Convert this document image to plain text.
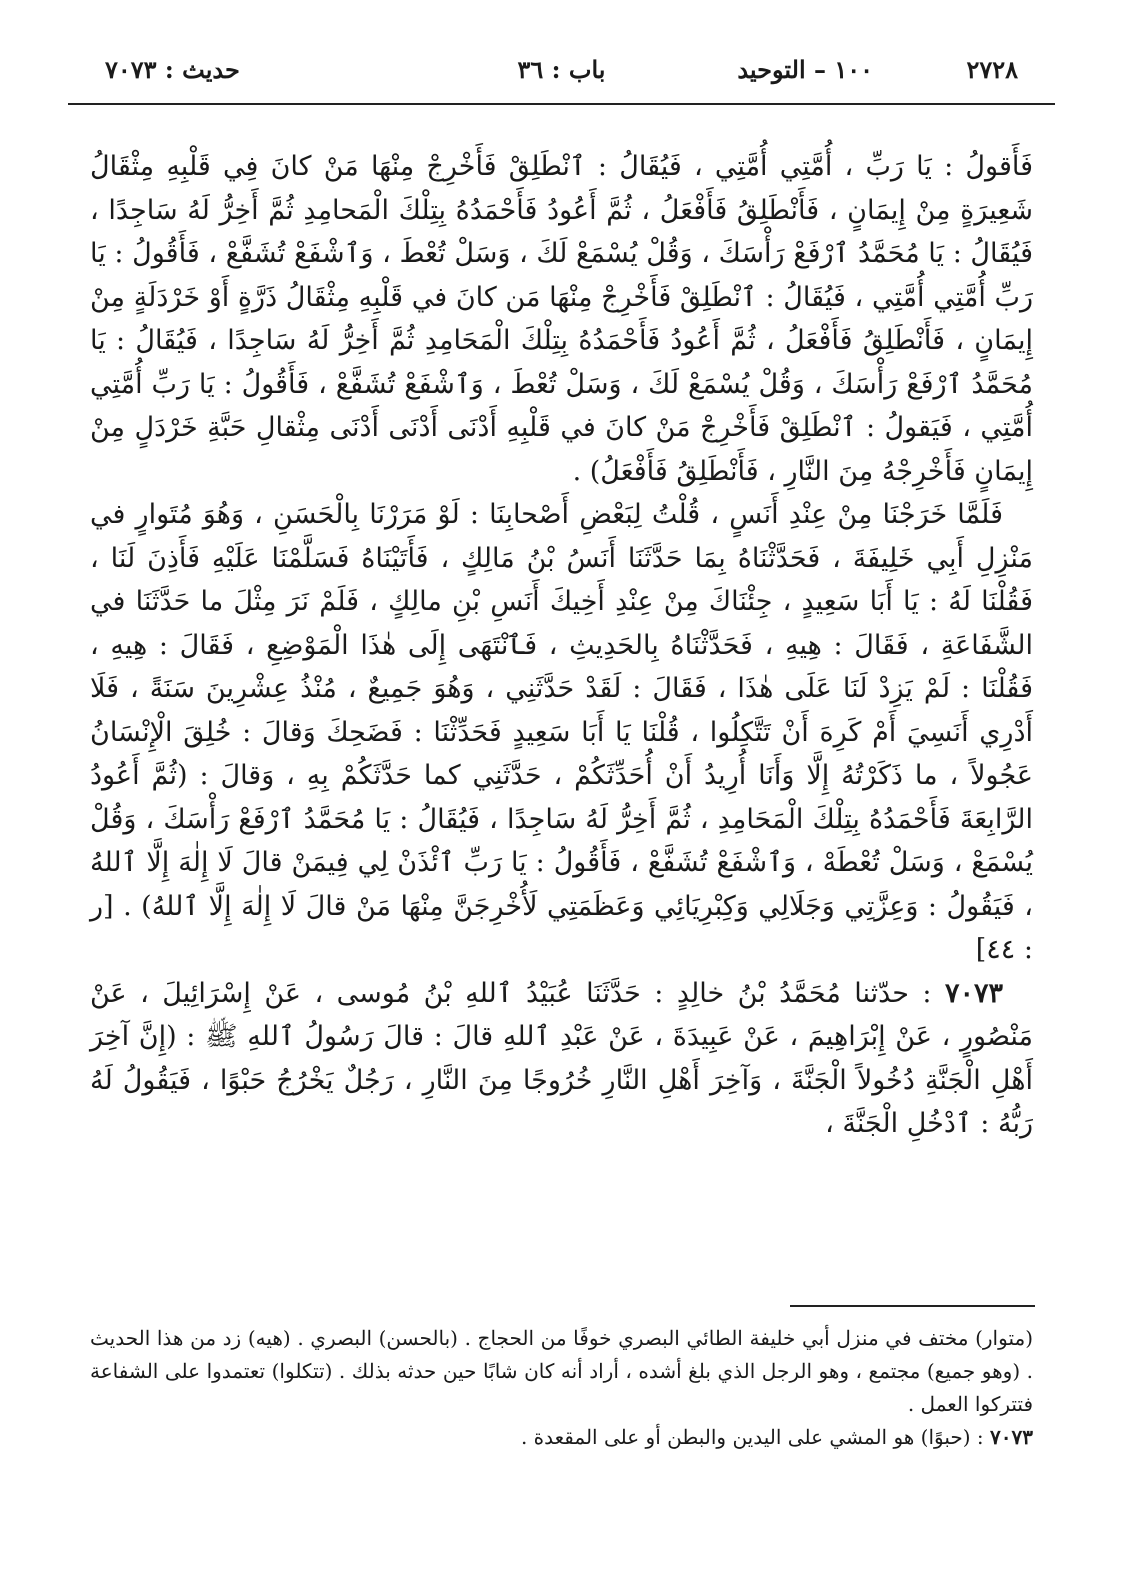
٢٧٢٨
١٠٠ – التوحيد
باب : ٣٦
حديث : ٧٠٧٣

فَأَقولُ : يَا رَبِّ ، أُمَّتِي أُمَّتِي ، فَيُقَالُ : ٱنْطَلِقْ فَأَخْرِجْ مِنْهَا مَنْ كانَ فِي قَلْبِهِ مِثْقَالُ شَعِيرَةٍ مِنْ إِيمَانٍ ، فَأَنْطَلِقُ فَأَفْعَلُ ، ثُمَّ أَعُودُ فَأَحْمَدُهُ بِتِلْكَ الْمَحامِدِ ثُمَّ أَخِرُّ لَهُ سَاجِدًا ، فَيُقَالُ : يَا مُحَمَّدُ ٱرْفَعْ رَأْسَكَ ، وَقُلْ يُسْمَعْ لَكَ ، وَسَلْ تُعْطَ ، وَٱشْفَعْ تُشَفَّعْ ، فَأَقُولُ : يَا رَبِّ أُمَّتِي أُمَّتِي ، فَيُقَالُ : ٱنْطَلِقْ فَأَخْرِجْ مِنْهَا مَن كانَ في قَلْبِهِ مِثْقَالُ ذَرَّةٍ أَوْ خَرْدَلَةٍ مِنْ إِيمَانٍ ، فَأَنْطَلِقُ فَأَفْعَلُ ، ثُمَّ أَعُودُ فَأَحْمَدُهُ بِتِلْكَ الْمَحَامِدِ ثُمَّ أَخِرُّ لَهُ سَاجِدًا ، فَيُقَالُ : يَا مُحَمَّدُ ٱرْفَعْ رَأْسَكَ ، وَقُلْ يُسْمَعْ لَكَ ، وَسَلْ تُعْطَ ، وَٱشْفَعْ تُشَفَّعْ ، فَأَقُولُ : يَا رَبِّ أُمَّتِي أُمَّتِي ، فَيَقولُ : ٱنْطَلِقْ فَأَخْرِجْ مَنْ كانَ في قَلْبِهِ أَدْنَى أَدْنَى أَدْنَى مِثْقالِ حَبَّةِ خَرْدَلٍ مِنْ إِيمَانٍ فَأَخْرِجْهُ مِنَ النَّارِ ، فَأَنْطَلِقُ فَأَفْعَلُ) .

فَلَمَّا خَرَجْنَا مِنْ عِنْدِ أَنَسٍ ، قُلْتُ لِبَعْضِ أَصْحابِنَا : لَوْ مَرَرْنَا بِالْحَسَنِ ، وَهُوَ مُتَوارٍ في مَنْزِلِ أَبِي خَلِيفَةَ ، فَحَدَّثْنَاهُ بِمَا حَدَّثَنَا أَنَسُ بْنُ مَالِكٍ ، فَأَتَيْنَاهُ فَسَلَّمْنَا عَلَيْهِ فَأَذِنَ لَنَا ، فَقُلْنَا لَهُ : يَا أَبَا سَعِيدٍ ، جِئْنَاكَ مِنْ عِنْدِ أَخِيكَ أَنَسِ بْنِ مالِكٍ ، فَلَمْ نَرَ مِثْلَ ما حَدَّثَنَا في الشَّفَاعَةِ ، فَقَالَ : هِيهِ ، فَحَدَّثْنَاهُ بِالحَدِيثِ ، فَٱنْتَهَى إِلَى هٰذَا الْمَوْضِعِ ، فَقَالَ : هِيهِ ، فَقُلْنَا : لَمْ يَزِدْ لَنَا عَلَى هٰذَا ، فَقَالَ : لَقَدْ حَدَّثَنِي ، وَهُوَ جَمِيعٌ ، مُنْذُ عِشْرِينَ سَنَةً ، فَلَا أَدْرِي أَنَسِيَ أَمْ كَرِهَ أَنْ تَتَّكِلُوا ، قُلْنَا يَا أَبَا سَعِيدٍ فَحَدِّثْنَا : فَضَحِكَ وَقالَ : خُلِقَ الْإِنْسَانُ عَجُولاً ، ما ذَكَرْتُهُ إِلَّا وَأَنَا أُرِيدُ أَنْ أُحَدِّثَكُمْ ، حَدَّثَنِي كما حَدَّثَكُمْ بِهِ ، وَقالَ : (ثُمَّ أَعُودُ الرَّابِعَةَ فَأَحْمَدُهُ بِتِلْكَ الْمَحَامِدِ ، ثُمَّ أَخِرُّ لَهُ سَاجِدًا ، فَيُقَالُ : يَا مُحَمَّدُ ٱرْفَعْ رَأْسَكَ ، وَقُلْ يُسْمَعْ ، وَسَلْ تُعْطَهْ ، وَٱشْفَعْ تُشَفَّعْ ، فَأَقُولُ : يَا رَبِّ ٱئْذَنْ لِي فِيمَنْ قالَ لَا إِلٰهَ إِلَّا ٱللهُ ، فَيَقُولُ : وَعِزَّتِي وَجَلَالِي وَكِبْرِيَائِي وَعَظَمَتِي لَأُخْرِجَنَّ مِنْهَا مَنْ قالَ لَا إِلٰهَ إِلَّا ٱللهُ) . [ر : ٤٤]

٧٠٧٣ : حدّثنا مُحَمَّدُ بْنُ خالِدٍ : حَدَّثَنَا عُبَيْدُ ٱللهِ بْنُ مُوسى ، عَنْ إِسْرَائِيلَ ، عَنْ مَنْصُورٍ ، عَنْ إِبْرَاهِيمَ ، عَنْ عَبِيدَةَ ، عَنْ عَبْدِ ٱللهِ قالَ : قالَ رَسُولُ ٱللهِ ﷺ : (إِنَّ آخِرَ أَهْلِ الْجَنَّةِ دُخُولاً الْجَنَّةَ ، وَآخِرَ أَهْلِ النَّارِ خُرُوجًا مِنَ النَّارِ ، رَجُلٌ يَخْرُجُ حَبْوًا ، فَيَقُولُ لَهُ رَبُّهُ : ٱدْخُلِ الْجَنَّةَ ،

(متوار) مختف في منزل أبي خليفة الطائي البصري خوفًا من الحجاج . (بالحسن) البصري . (هيه) زد من هذا الحديث . (وهو جميع) مجتمع ، وهو الرجل الذي بلغ أشده ، أراد أنه كان شابًا حين حدثه بذلك . (تتكلوا) تعتمدوا على الشفاعة فتتركوا العمل .

٧٠٧٣ : (حبوًا) هو المشي على اليدين والبطن أو على المقعدة .
